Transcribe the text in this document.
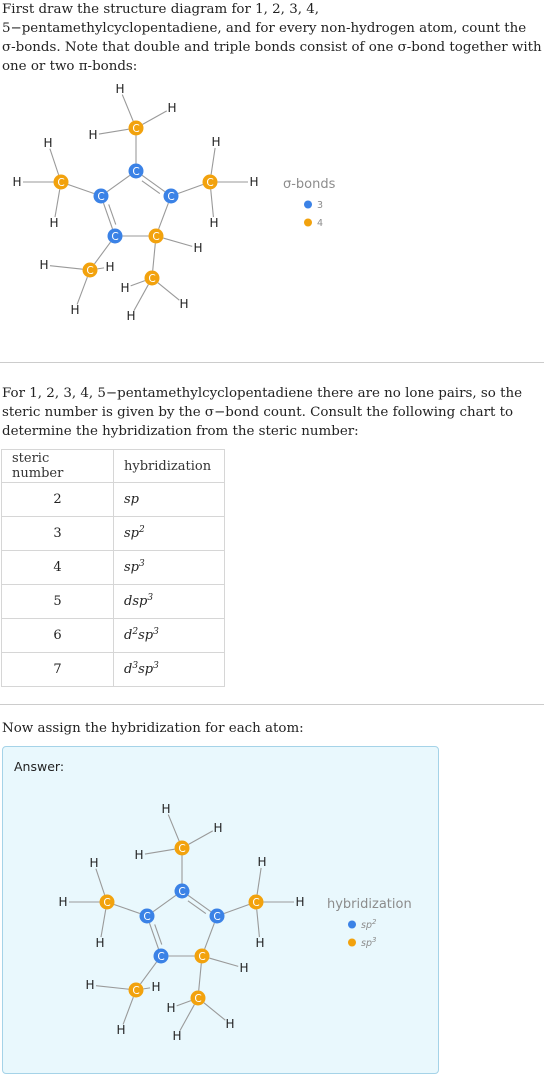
First draw the structure diagram for 1, 2, 3, 4, 5−pentamethylcyclopentadiene, and for every non-hydrogen atom, count the σ-bonds. Note that double and triple bonds consist of one σ-bond together with one or two π-bonds:

H
H
H
H
H
H
H
H
H
H
H	H
H
H
H
H
C
C	C
C	C
C
C	C
C
C
σ-bonds
3
4

For 1, 2, 3, 4, 5−pentamethylcyclopentadiene there are no lone pairs, so the steric number is given by the σ−bond count. Consult the following chart to determine the hybridization from the steric number:

steric number	hybridization
2	sp
3	$sp^2$
4	$sp^3$
5	dsp$^3$
6	$d^2sp^3$
7	$d^3sp^3$

Now assign the hybridization for each atom:

Answer:
H
H
H
H
H
H
H
H
H
H
H	H
H
H
H
H
C
C	C
C	C
C
C	C
C
C
hybridization
$sp^2$
$sp^3$
